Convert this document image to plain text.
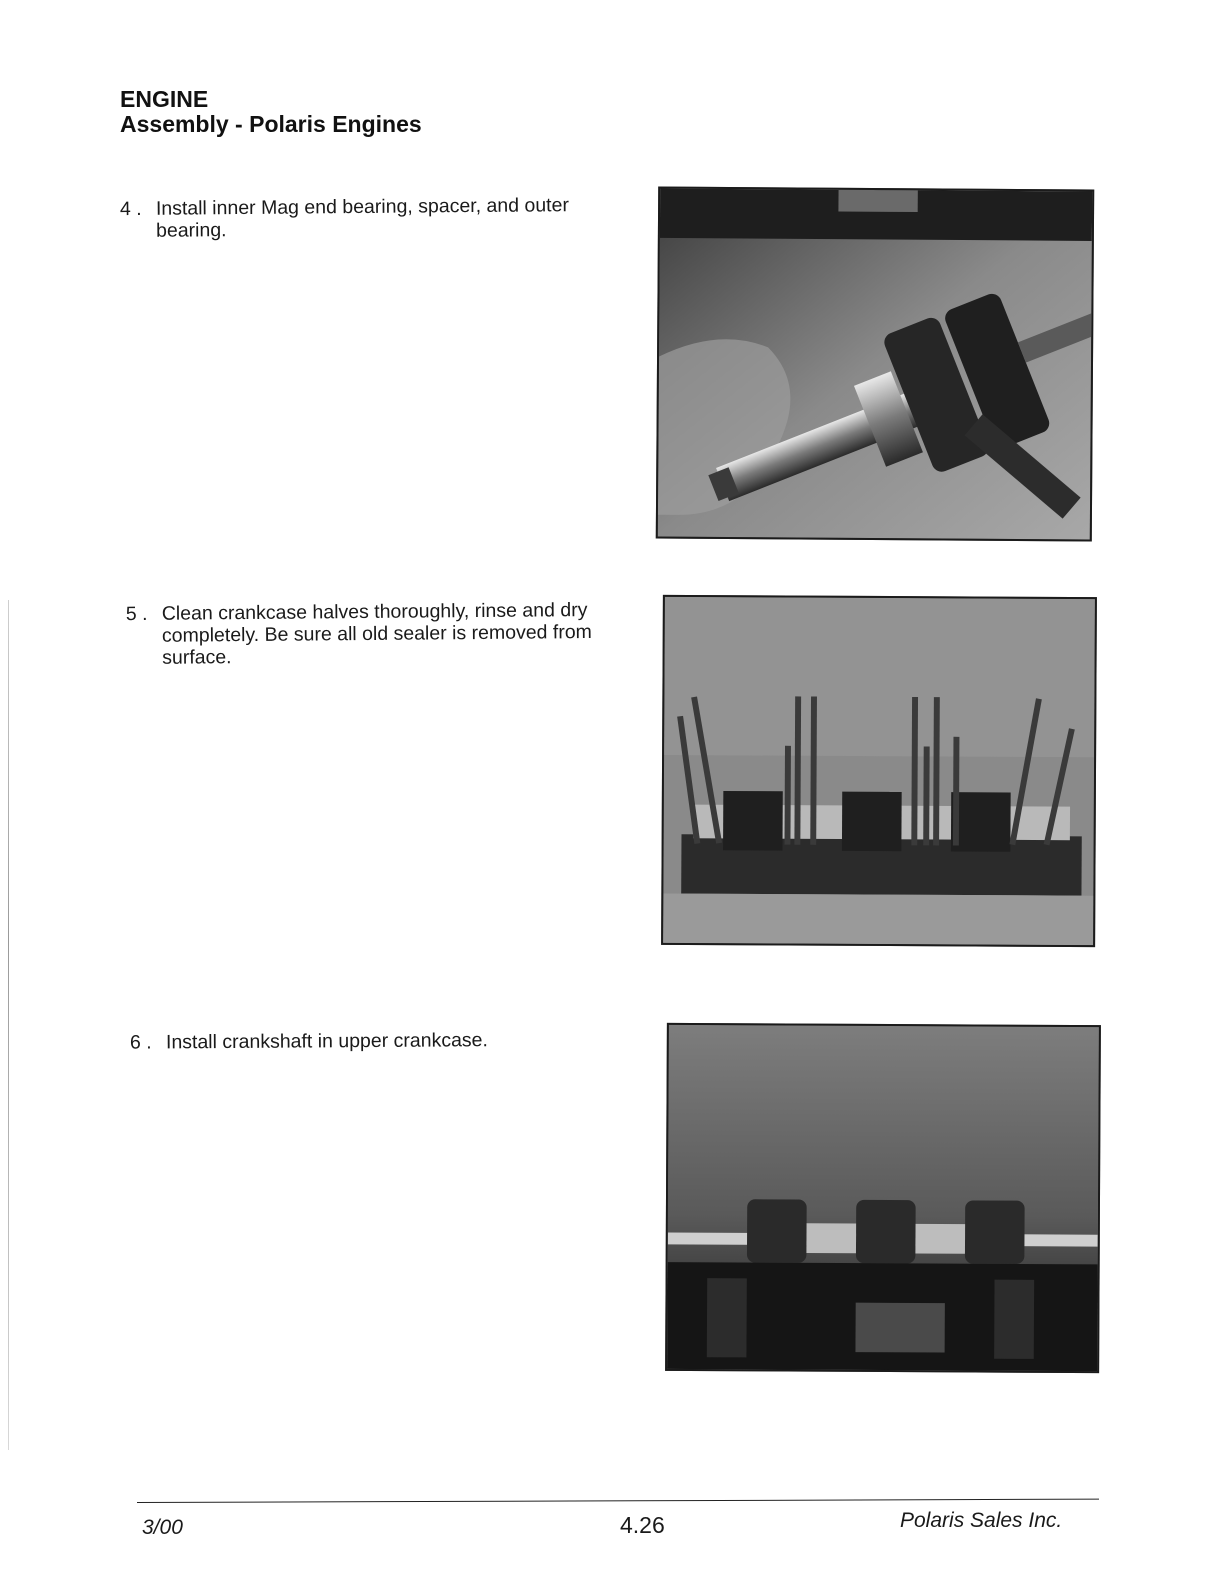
ENGINE
Assembly - Polaris Engines
4 . Install inner Mag end bearing, spacer, and outer bearing.
5 . Clean crankcase halves thoroughly, rinse and dry completely. Be sure all old sealer is removed from surface.
6 . Install crankshaft in upper crankcase.
3/00	4.26	Polaris Sales Inc.
